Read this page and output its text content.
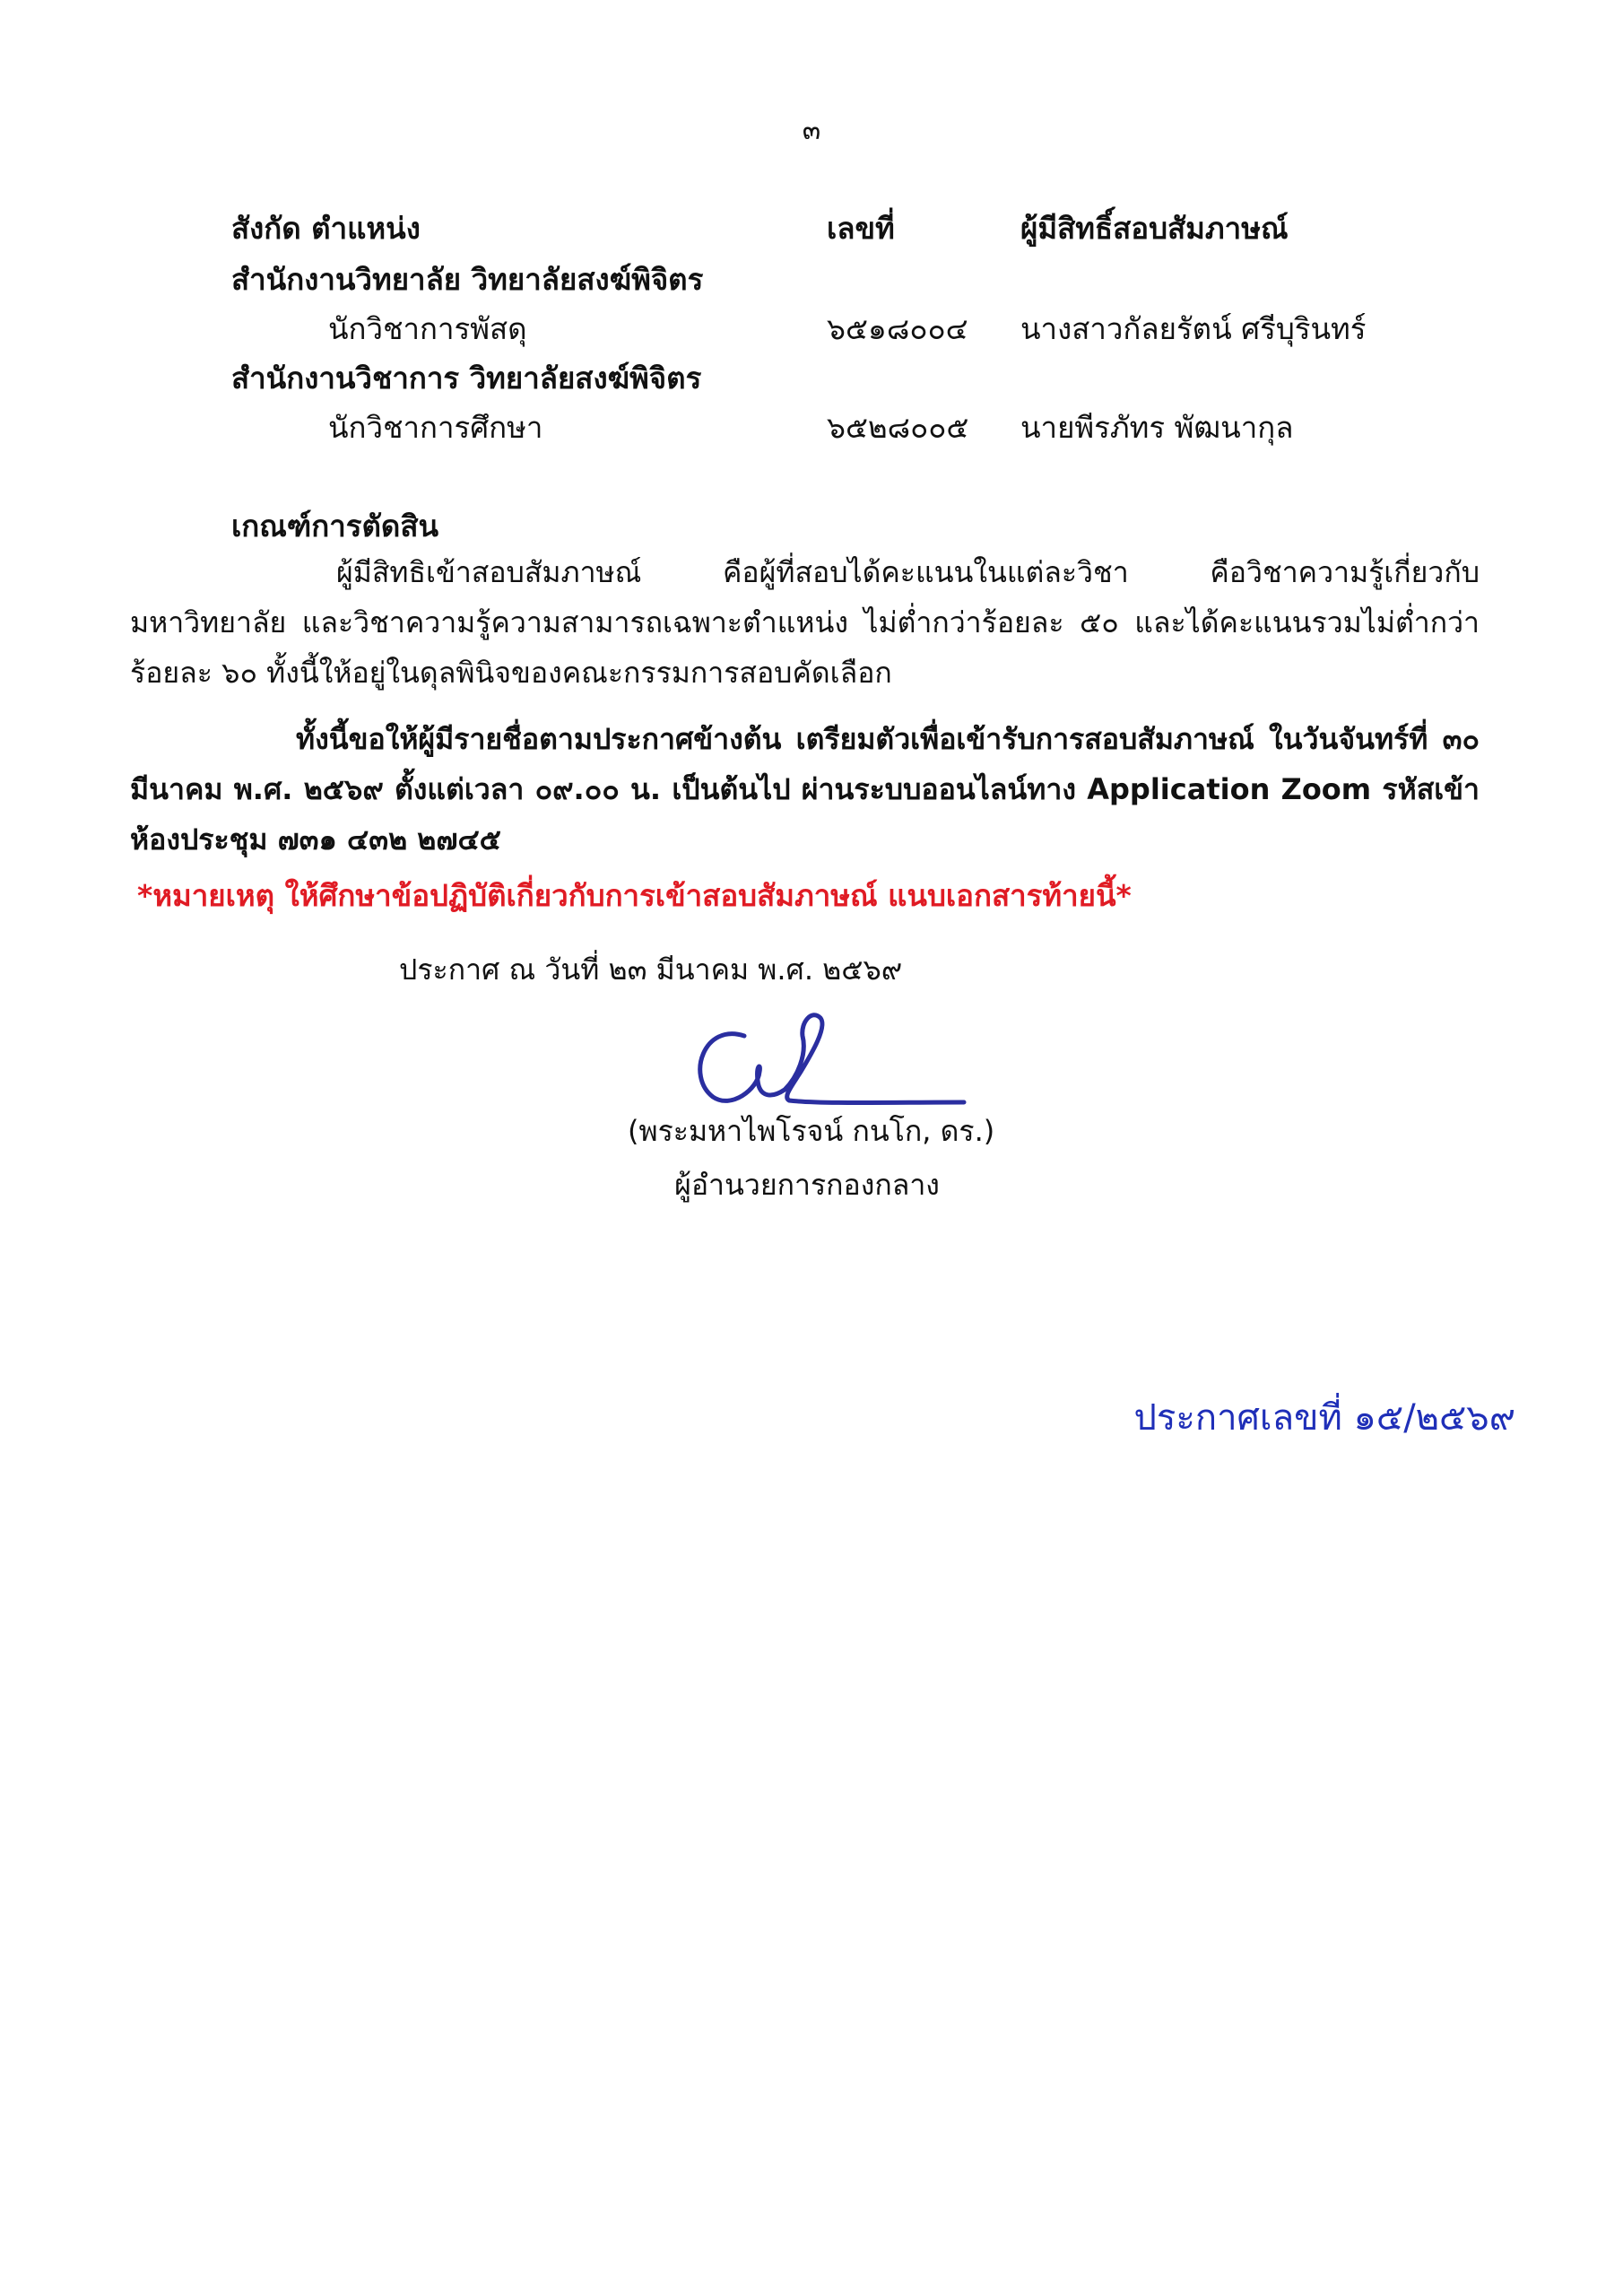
๓
สังกัด ตำแหน่ง	เลขที่	ผู้มีสิทธิ์สอบสัมภาษณ์
สำนักงานวิทยาลัย วิทยาลัยสงฆ์พิจิตร
นักวิชาการพัสดุ	๖๕๑๘๐๐๔ นางสาวกัลยรัตน์ ศรีบุรินทร์
สำนักงานวิชาการ วิทยาลัยสงฆ์พิจิตร
นักวิชาการศึกษา	๖๕๒๘๐๐๕ นายพีรภัทร พัฒนากุล
เกณฑ์การตัดสิน
ผู้มีสิทธิเข้าสอบสัมภาษณ์ คือผู้ที่สอบได้คะแนนในแต่ละวิชา คือวิชาความรู้เกี่ยวกับมหาวิทยาลัย และวิชาความรู้ความสามารถเฉพาะตำแหน่ง ไม่ต่ำกว่าร้อยละ ๕๐ และได้คะแนนรวมไม่ต่ำกว่าร้อยละ ๖๐ ทั้งนี้ให้อยู่ในดุลพินิจของคณะกรรมการสอบคัดเลือก
ทั้งนี้ขอให้ผู้มีรายชื่อตามประกาศข้างต้น เตรียมตัวเพื่อเข้ารับการสอบสัมภาษณ์ ในวันจันทร์ที่ ๓๐ มีนาคม พ.ศ. ๒๕๖๙ ตั้งแต่เวลา ๐๙.๐๐ น. เป็นต้นไป ผ่านระบบออนไลน์ทาง Application Zoom รหัสเข้าห้องประชุม ๗๓๑ ๔๓๒ ๒๗๔๕
*หมายเหตุ ให้ศึกษาข้อปฏิบัติเกี่ยวกับการเข้าสอบสัมภาษณ์ แนบเอกสารท้ายนี้*
ประกาศ ณ วันที่ ๒๓ มีนาคม พ.ศ. ๒๕๖๙
(พระมหาไพโรจน์ กนโก, ดร.)
ผู้อำนวยการกองกลาง
ประกาศเลขที่ ๑๕/๒๕๖๙
